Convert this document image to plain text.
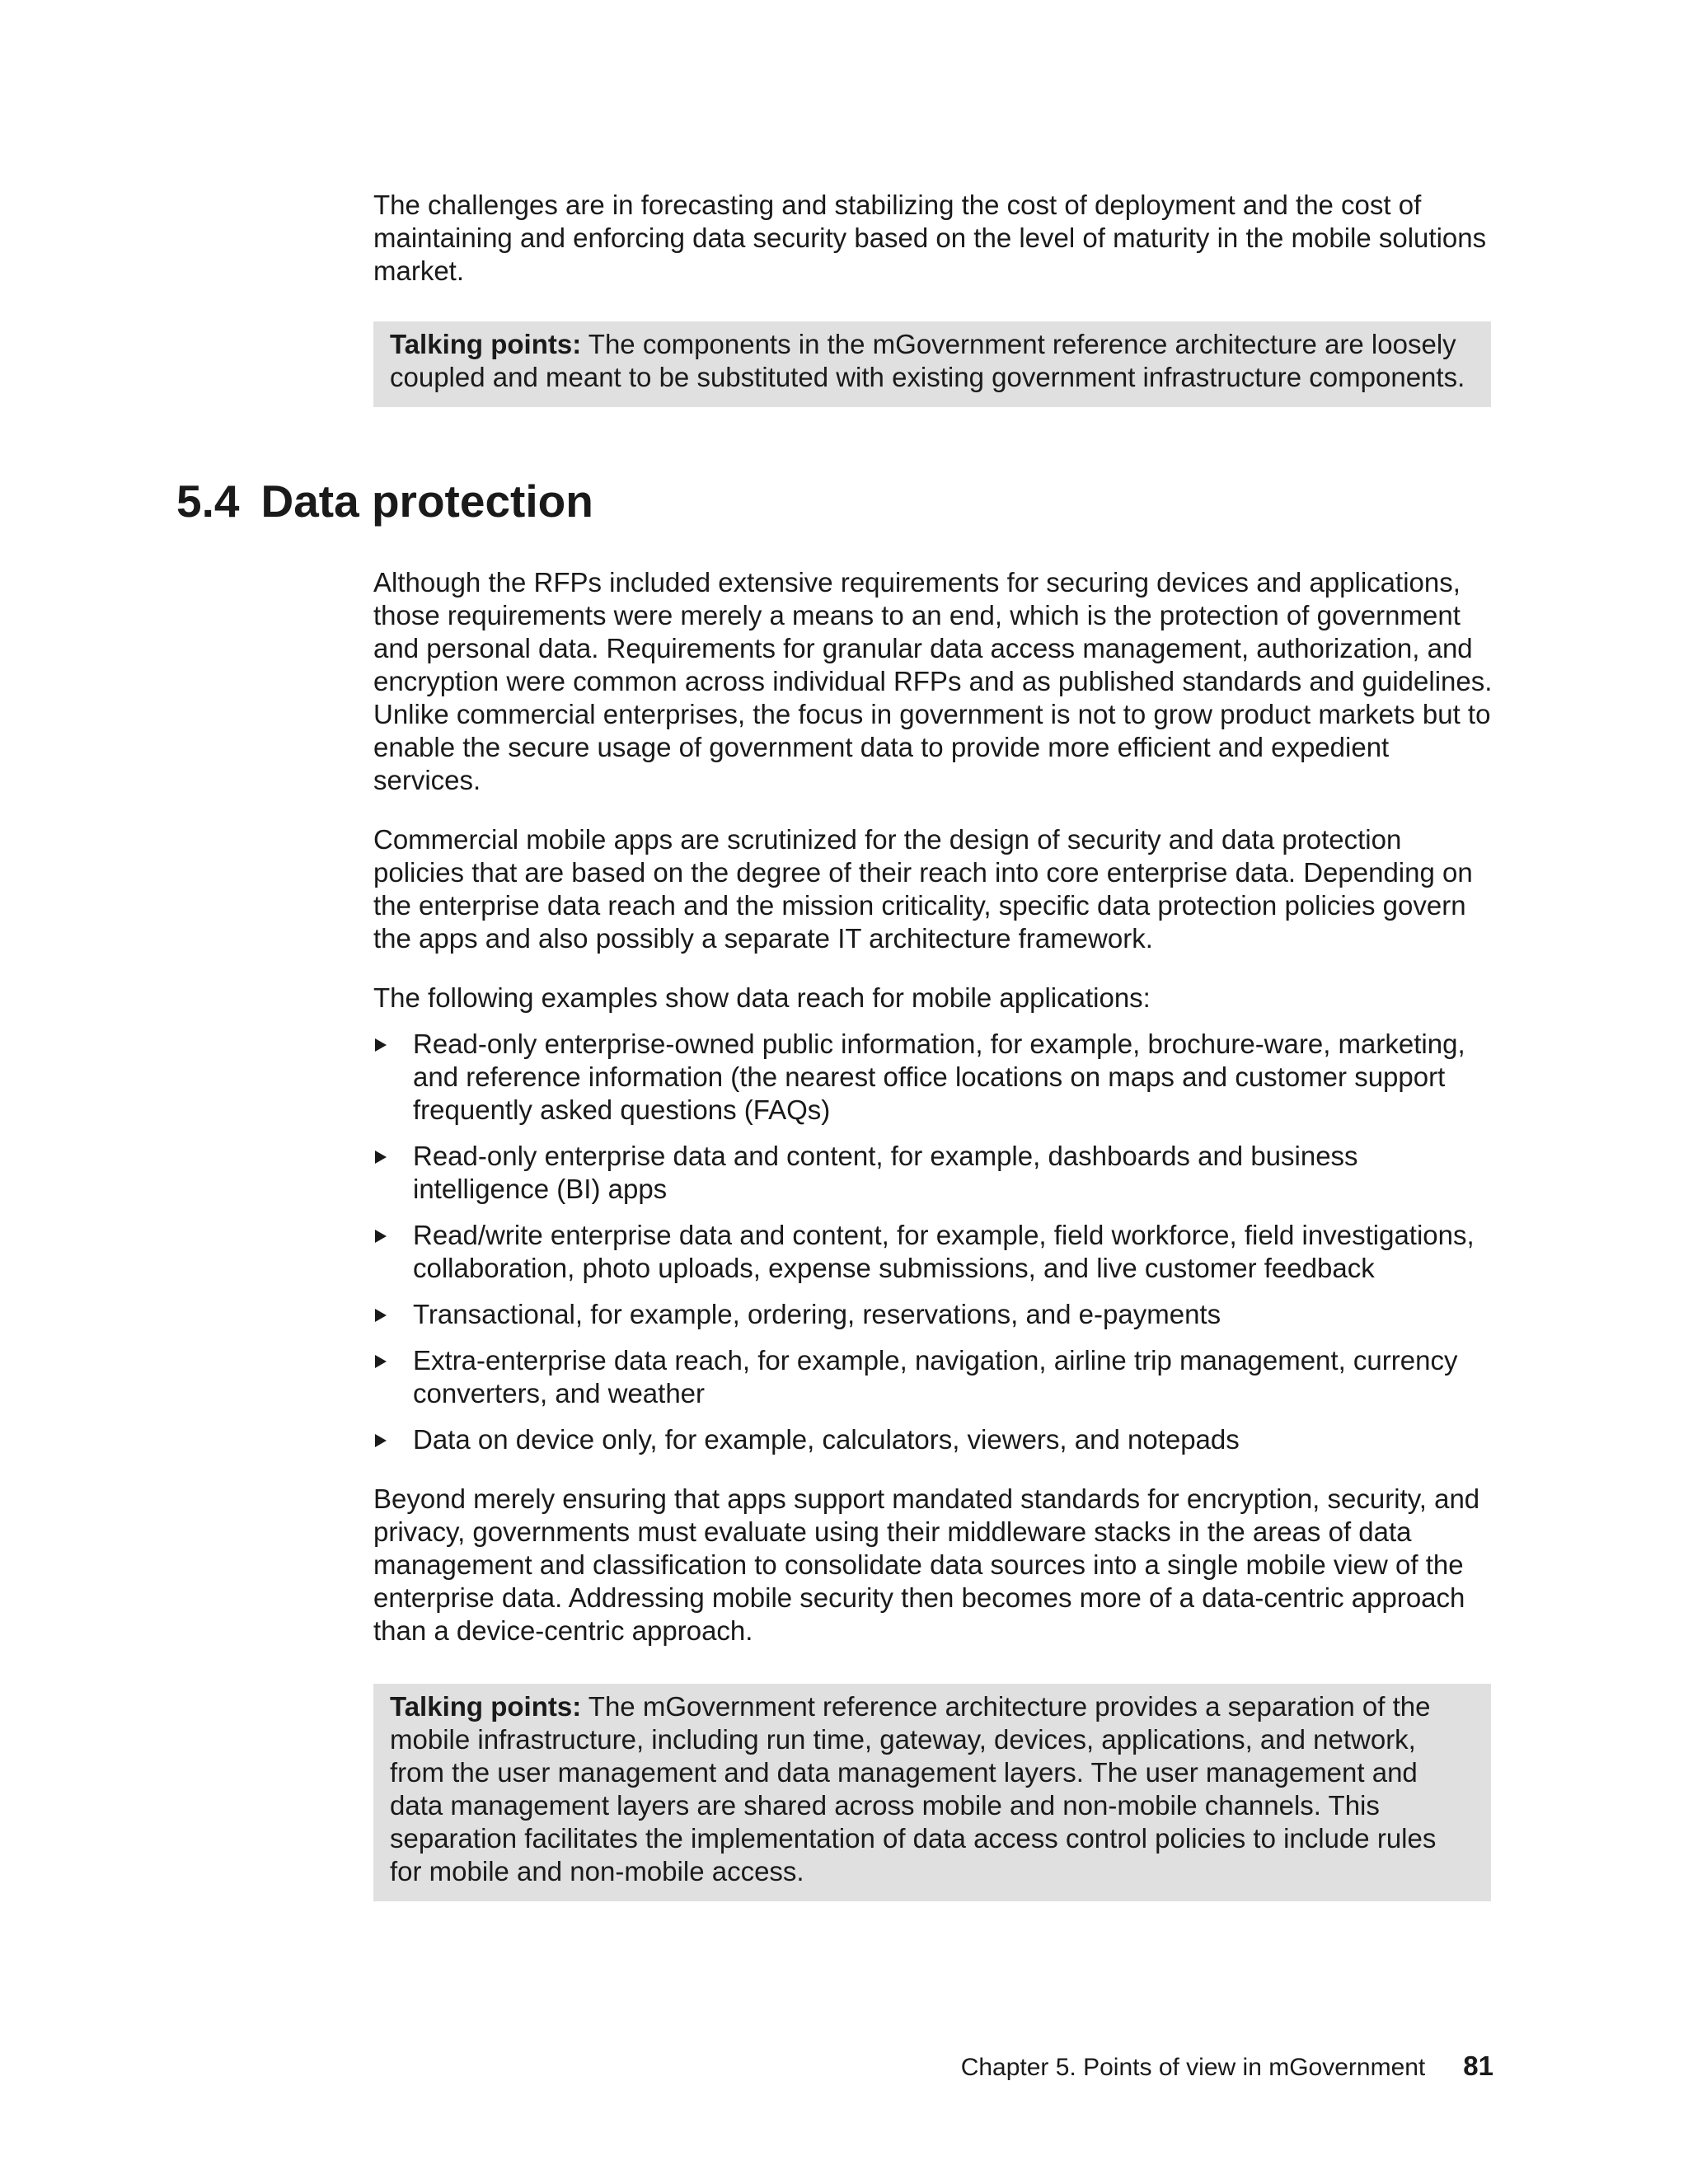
The challenges are in forecasting and stabilizing the cost of deployment and the cost of maintaining and enforcing data security based on the level of maturity in the mobile solutions market.

Talking points: The components in the mGovernment reference architecture are loosely coupled and meant to be substituted with existing government infrastructure components.

5.4 Data protection

Although the RFPs included extensive requirements for securing devices and applications, those requirements were merely a means to an end, which is the protection of government and personal data. Requirements for granular data access management, authorization, and encryption were common across individual RFPs and as published standards and guidelines. Unlike commercial enterprises, the focus in government is not to grow product markets but to enable the secure usage of government data to provide more efficient and expedient services.

Commercial mobile apps are scrutinized for the design of security and data protection policies that are based on the degree of their reach into core enterprise data. Depending on the enterprise data reach and the mission criticality, specific data protection policies govern the apps and also possibly a separate IT architecture framework.

The following examples show data reach for mobile applications:

Read-only enterprise-owned public information, for example, brochure-ware, marketing, and reference information (the nearest office locations on maps and customer support frequently asked questions (FAQs)
Read-only enterprise data and content, for example, dashboards and business intelligence (BI) apps
Read/write enterprise data and content, for example, field workforce, field investigations, collaboration, photo uploads, expense submissions, and live customer feedback
Transactional, for example, ordering, reservations, and e-payments
Extra-enterprise data reach, for example, navigation, airline trip management, currency converters, and weather
Data on device only, for example, calculators, viewers, and notepads

Beyond merely ensuring that apps support mandated standards for encryption, security, and privacy, governments must evaluate using their middleware stacks in the areas of data management and classification to consolidate data sources into a single mobile view of the enterprise data. Addressing mobile security then becomes more of a data-centric approach than a device-centric approach.

Talking points: The mGovernment reference architecture provides a separation of the mobile infrastructure, including run time, gateway, devices, applications, and network, from the user management and data management layers. The user management and data management layers are shared across mobile and non-mobile channels. This separation facilitates the implementation of data access control policies to include rules for mobile and non-mobile access.

Chapter 5. Points of view in mGovernment 81
